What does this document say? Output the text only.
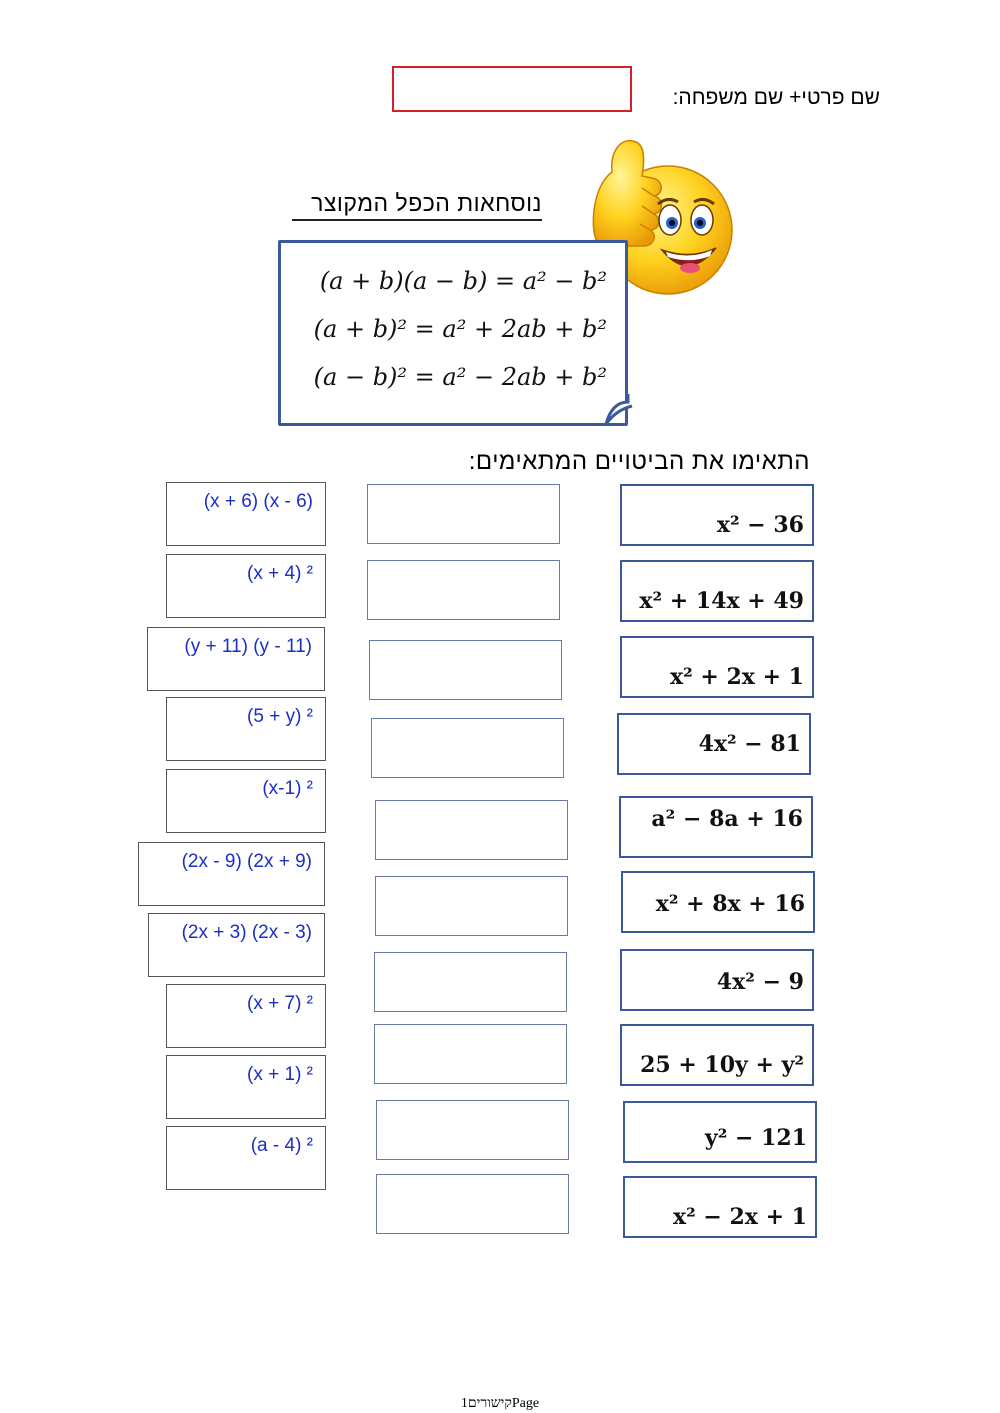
שם פרטי+ שם משפחה:
נוסחאות הכפל המקוצר
(a + b)(a − b) = a² − b²
(a + b)² = a² + 2ab + b²
(a − b)² = a² − 2ab + b²
התאימו את הביטויים המתאימים:
(x + 6) (x - 6)
(x + 4) ²
(y + 11) (y - 11)
(5 + y) ²
(x-1) ²
(2x - 9) (2x + 9)
(2x + 3) (2x - 3)
(x + 7) ²
(x + 1) ²
(a - 4) ²
x² − 36
x² + 14x + 49
x² + 2x + 1
4x² − 81
a² − 8a + 16
x² + 8x + 16
4x² − 9
25 + 10y + y²
y² − 121
x² − 2x + 1
קישורים1Page
